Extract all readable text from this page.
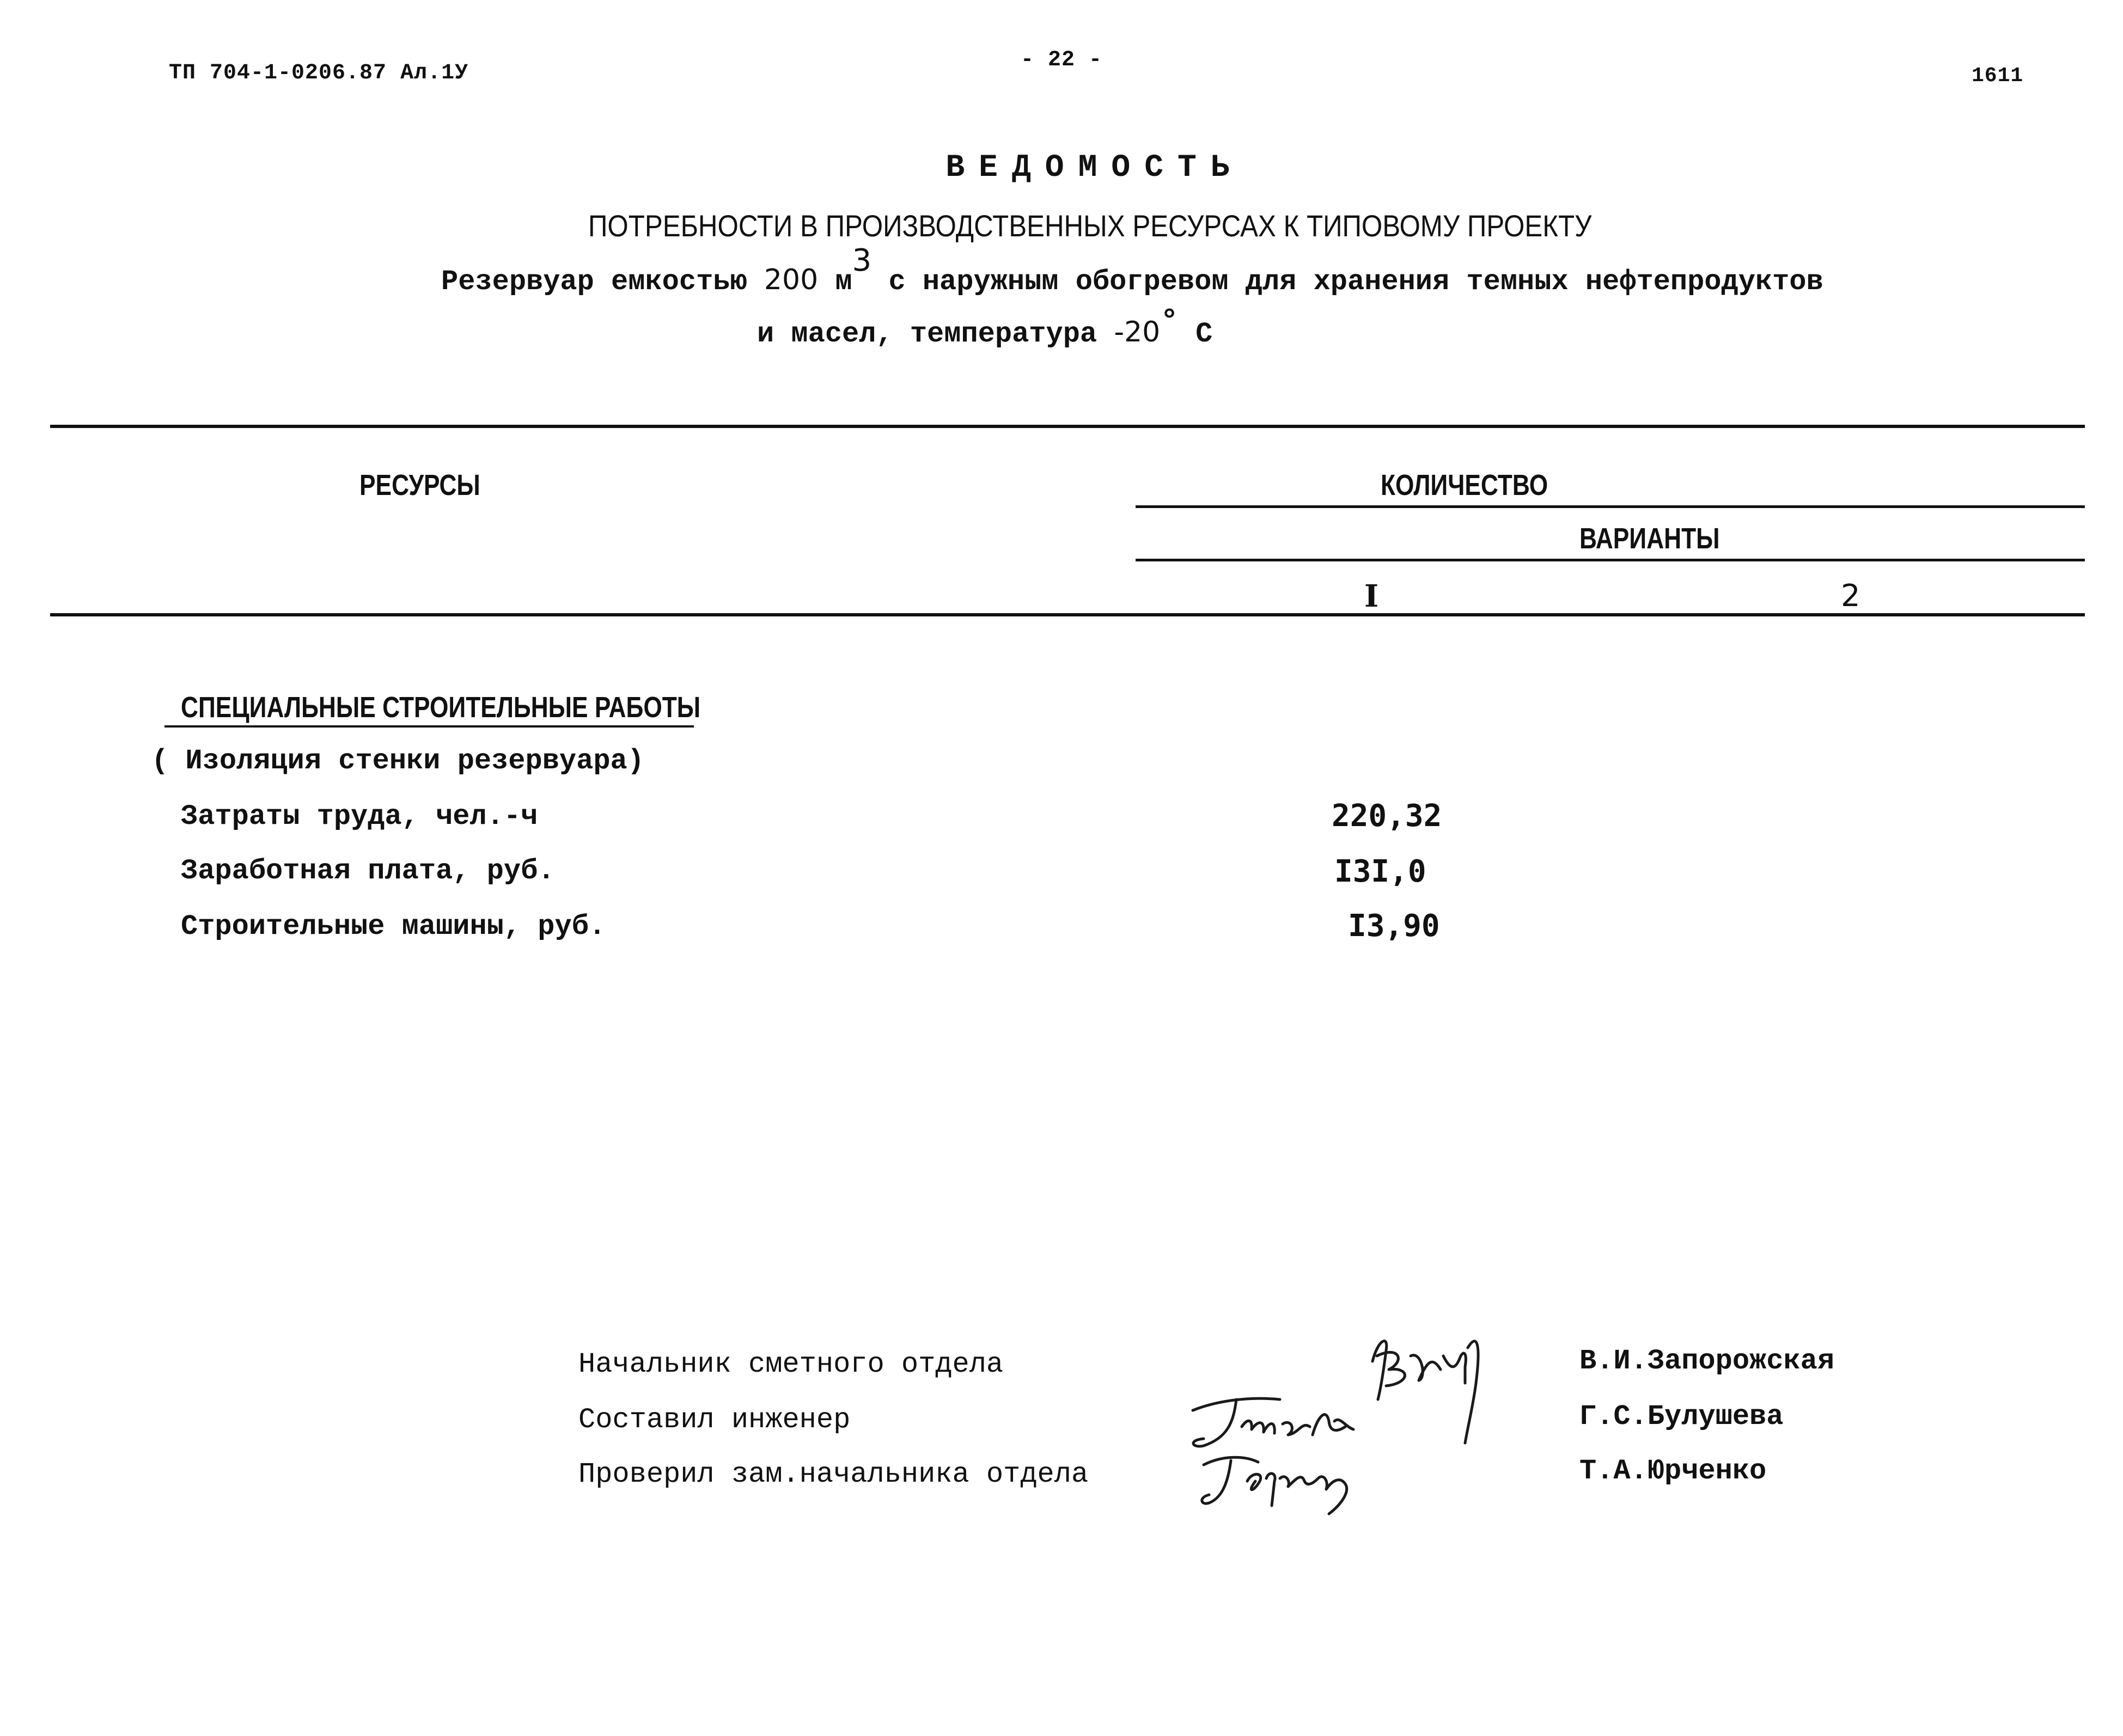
ТП 704-1-0206.87 Ал.1У
- 22 -
1611
ВЕДОМОСТЬ
ПОТРЕБНОСТИ В ПРОИЗВОДСТВЕННЫХ РЕСУРСАХ К ТИПОВОМУ ПРОЕКТУ
Резервуар емкостью 200 м3 с наружным обогревом для хранения темных нефтепродуктов
и масел, температура -20° С
РЕСУРСЫ	КОЛИЧЕСТВО
ВАРИАНТЫ
I	2
СПЕЦИАЛЬНЫЕ СТРОИТЕЛЬНЫЕ РАБОТЫ
( Изоляция стенки резервуара)
Затраты труда, чел.-ч	220,32
Заработная плата, руб.	I3I,0
Строительные машины, руб.	I3,90
Начальник сметного отдела
Составил инженер
Проверил зам.начальника отдела
В.И.Запорожская
Г.С.Булушева
Т.А.Юрченко
